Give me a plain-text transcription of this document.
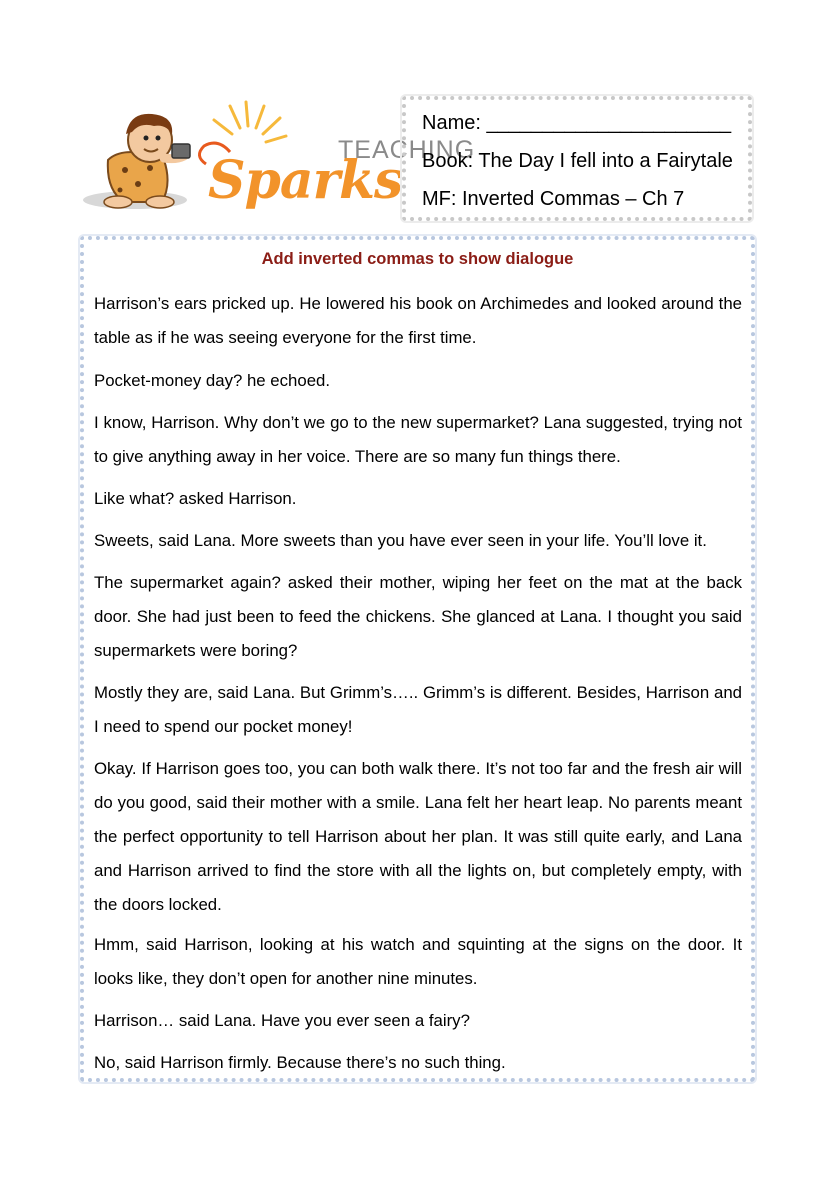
TEACHING
Sparks
Name: ______________________
Book: The Day I fell into a Fairytale
MF: Inverted Commas – Ch 7
Add inverted commas to show dialogue

Harrison’s ears pricked up. He lowered his book on Archimedes and looked around the table as if he was seeing everyone for the first time.

Pocket-money day? he echoed.

I know, Harrison. Why don’t we go to the new supermarket? Lana suggested, trying not to give anything away in her voice. There are so many fun things there.

Like what? asked Harrison.

Sweets, said Lana. More sweets than you have ever seen in your life. You’ll love it.

The supermarket again? asked their mother, wiping her feet on the mat at the back door. She had just been to feed the chickens. She glanced at Lana. I thought you said supermarkets were boring?

Mostly they are, said Lana. But Grimm’s….. Grimm’s is different. Besides, Harrison and I need to spend our pocket money!

Okay. If Harrison goes too, you can both walk there. It’s not too far and the fresh air will do you good, said their mother with a smile. Lana felt her heart leap. No parents meant the perfect opportunity to tell Harrison about her plan. It was still quite early, and Lana and Harrison arrived to find the store with all the lights on, but completely empty, with the doors locked.

Hmm, said Harrison, looking at his watch and squinting at the signs on the door. It looks like, they don’t open for another nine minutes.

Harrison… said Lana. Have you ever seen a fairy?

No, said Harrison firmly. Because there’s no such thing.
